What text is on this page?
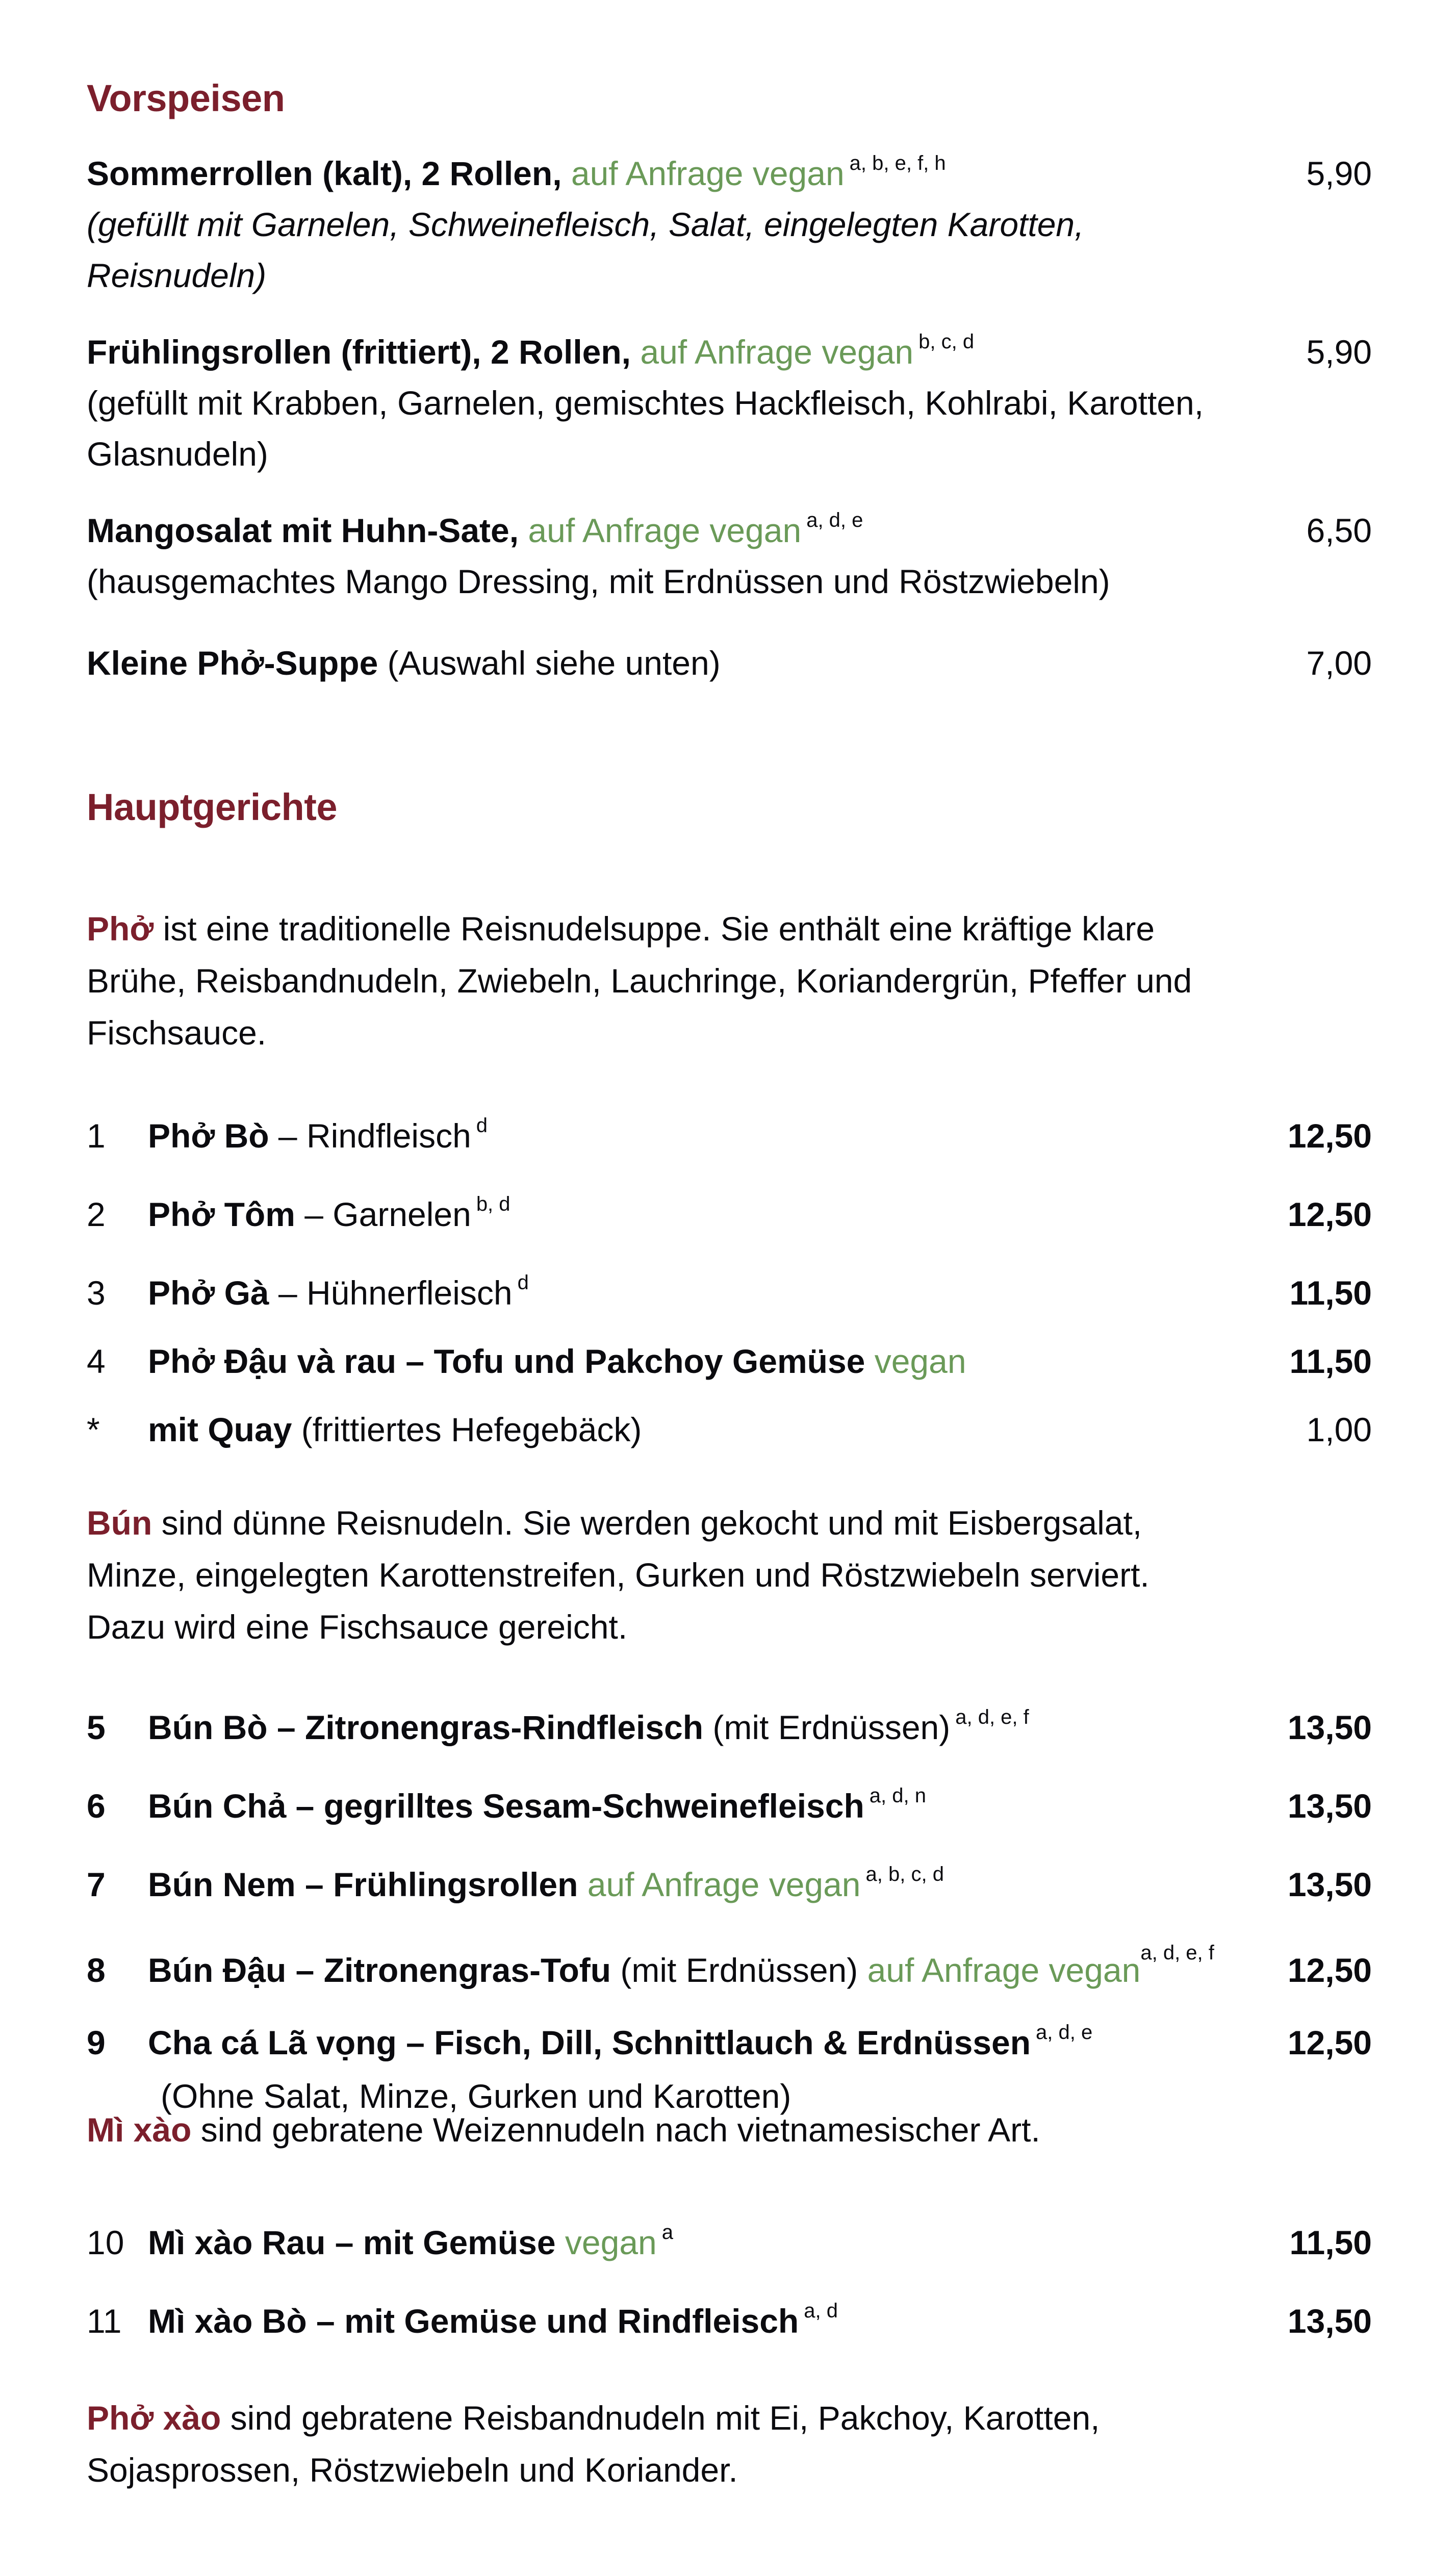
Vorspeisen
Sommerrollen (kalt), 2 Rollen, auf Anfrage vegan $^{a, b, e, f, h}$	5,90
(gefüllt mit Garnelen, Schweinefleisch, Salat, eingelegten Karotten, Reisnudeln)
Frühlingsrollen (frittiert), 2 Rollen, auf Anfrage vegan $^{b, c, d}$	5,90
(gefüllt mit Krabben, Garnelen, gemischtes Hackfleisch, Kohlrabi, Karotten, Glasnudeln)
Mangosalat mit Huhn-Sate, auf Anfrage vegan $^{a, d, e}$	6,50
(hausgemachtes Mango Dressing, mit Erdnüssen und Röstzwiebeln)
Kleine Phở-Suppe (Auswahl siehe unten)	7,00
Hauptgerichte
Phở ist eine traditionelle Reisnudelsuppe. Sie enthält eine kräftige klare Brühe, Reisbandnudeln, Zwiebeln, Lauchringe, Koriandergrün, Pfeffer und Fischsauce.
1 Phở Bò – Rindfleisch $^d$	12,50
2 Phở Tôm – Garnelen $^{b, d}$	12,50
3 Phở Gà – Hühnerfleisch $^d$	11,50
4 Phở Đậu và rau – Tofu und Pakchoy Gemüse vegan	11,50
* mit Quay (frittiertes Hefegebäck)	1,00
Bún sind dünne Reisnudeln. Sie werden gekocht und mit Eisbergsalat, Minze, eingelegten Karottenstreifen, Gurken und Röstzwiebeln serviert. Dazu wird eine Fischsauce gereicht.
5 Bún Bò – Zitronengras-Rindfleisch (mit Erdnüssen) $^{a, d, e, f}$	13,50
6 Bún Chả – gegrilltes Sesam-Schweinefleisch $^{a, d, n}$	13,50
7 Bún Nem – Frühlingsrollen auf Anfrage vegan $^{a, b, c, d}$	13,50
8 Bún Đậu – Zitronengras-Tofu (mit Erdnüssen) auf Anfrage vegan$^{a, d, e, f}$	12,50
9 Cha cá Lã vọng – Fisch, Dill, Schnittlauch & Erdnüssen $^{a, d, e}$	12,50
(Ohne Salat, Minze, Gurken und Karotten)
Mì xào sind gebratene Weizennudeln nach vietnamesischer Art.
10 Mì xào Rau – mit Gemüse vegan $^a$	11,50
11 Mì xào Bò – mit Gemüse und Rindfleisch $^{a, d}$	13,50
Phở xào sind gebratene Reisbandnudeln mit Ei, Pakchoy, Karotten, Sojasprossen, Röstzwiebeln und Koriander.
